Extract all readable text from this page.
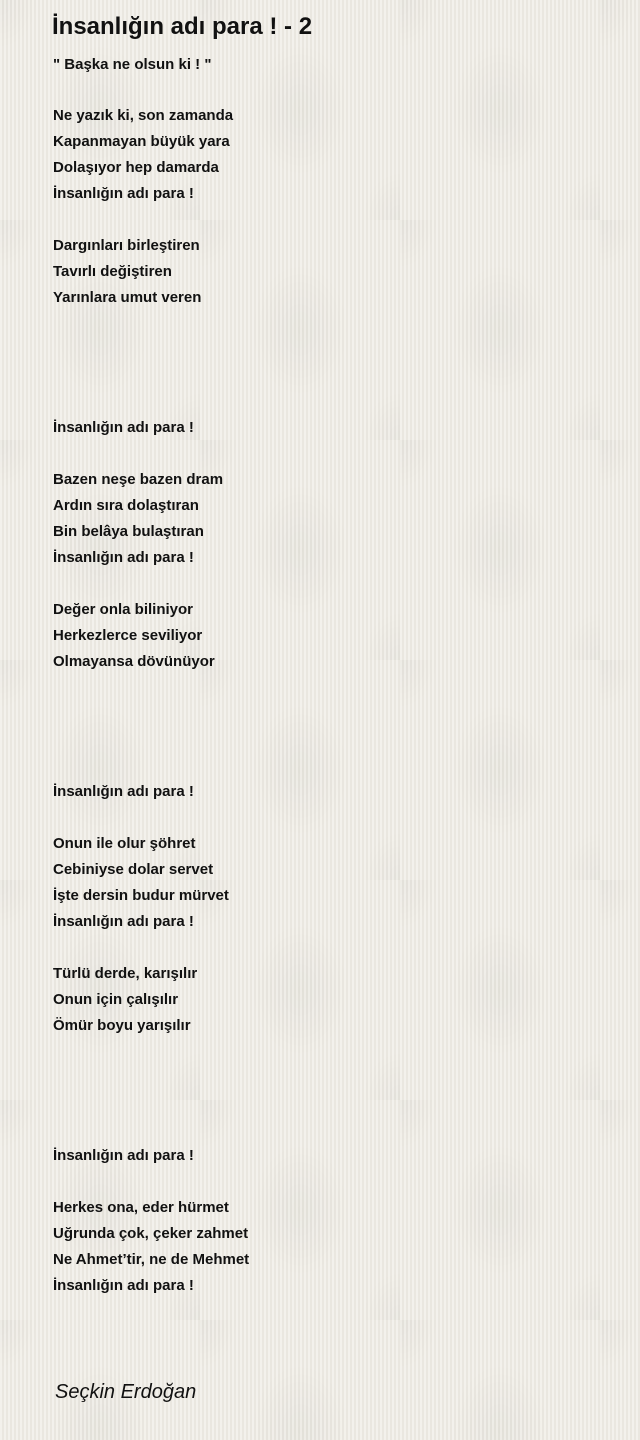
İnsanlığın adı para ! - 2

" Başka ne olsun ki ! "

Ne yazık ki, son zamanda
Kapanmayan büyük yara
Dolaşıyor hep damarda
İnsanlığın adı para !
Dargınları birleştiren
Tavırlı değiştiren
Yarınlara umut veren
İnsanlığın adı para !
Bazen neşe bazen dram
Ardın sıra dolaştıran
Bin belâya bulaştıran
İnsanlığın adı para !
Değer onla biliniyor
Herkezlerce seviliyor
Olmayansa dövünüyor
İnsanlığın adı para !
Onun ile olur şöhret
Cebiniyse dolar servet
İşte dersin budur mürvet
İnsanlığın adı para !
Türlü derde, karışılır
Onun için çalışılır
Ömür boyu yarışılır
İnsanlığın adı para !
Herkes ona, eder hürmet
Uğrunda çok, çeker zahmet
Ne Ahmet’tir, ne de Mehmet
İnsanlığın adı para !

Seçkin Erdoğan
